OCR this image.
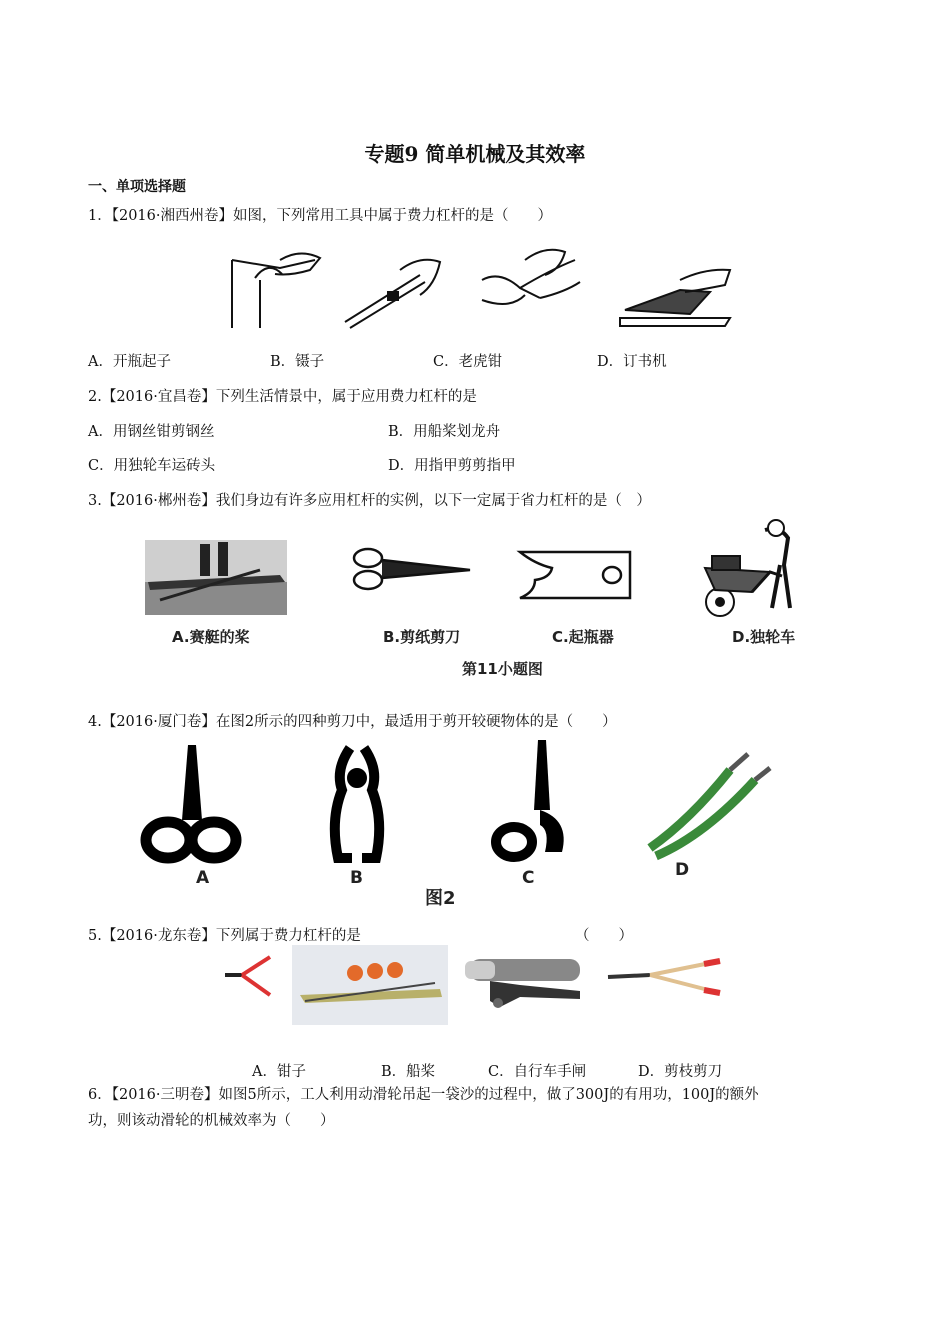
专题9 简单机械及其效率
一、单项选择题
1．【2016·湘西州卷】如图，下列常用工具中属于费力杠杆的是（　　）
A．开瓶起子	B．镊子	C．老虎钳	D．订书机
2.【2016·宜昌卷】下列生活情景中，属于应用费力杠杆的是
A．用钢丝钳剪钢丝	B．用船桨划龙舟
C．用独轮车运砖头	D．用指甲剪剪指甲
3.【2016·郴州卷】我们身边有许多应用杠杆的实例，以下一定属于省力杠杆的是（　）
A.赛艇的桨	B.剪纸剪刀	C.起瓶器	D.独轮车
第11小题图
4.【2016·厦门卷】在图2所示的四种剪刀中，最适用于剪开较硬物体的是（　　）
A	B	C	D
图2
5.【2016·龙东卷】下列属于费力杠杆的是	（　　）
A．钳子	B．船桨	C．自行车手闸	D．剪枝剪刀
6．【2016·三明卷】如图5所示，工人利用动滑轮吊起一袋沙的过程中，做了300J的有用功，100J的额外
功，则该动滑轮的机械效率为（　　）
